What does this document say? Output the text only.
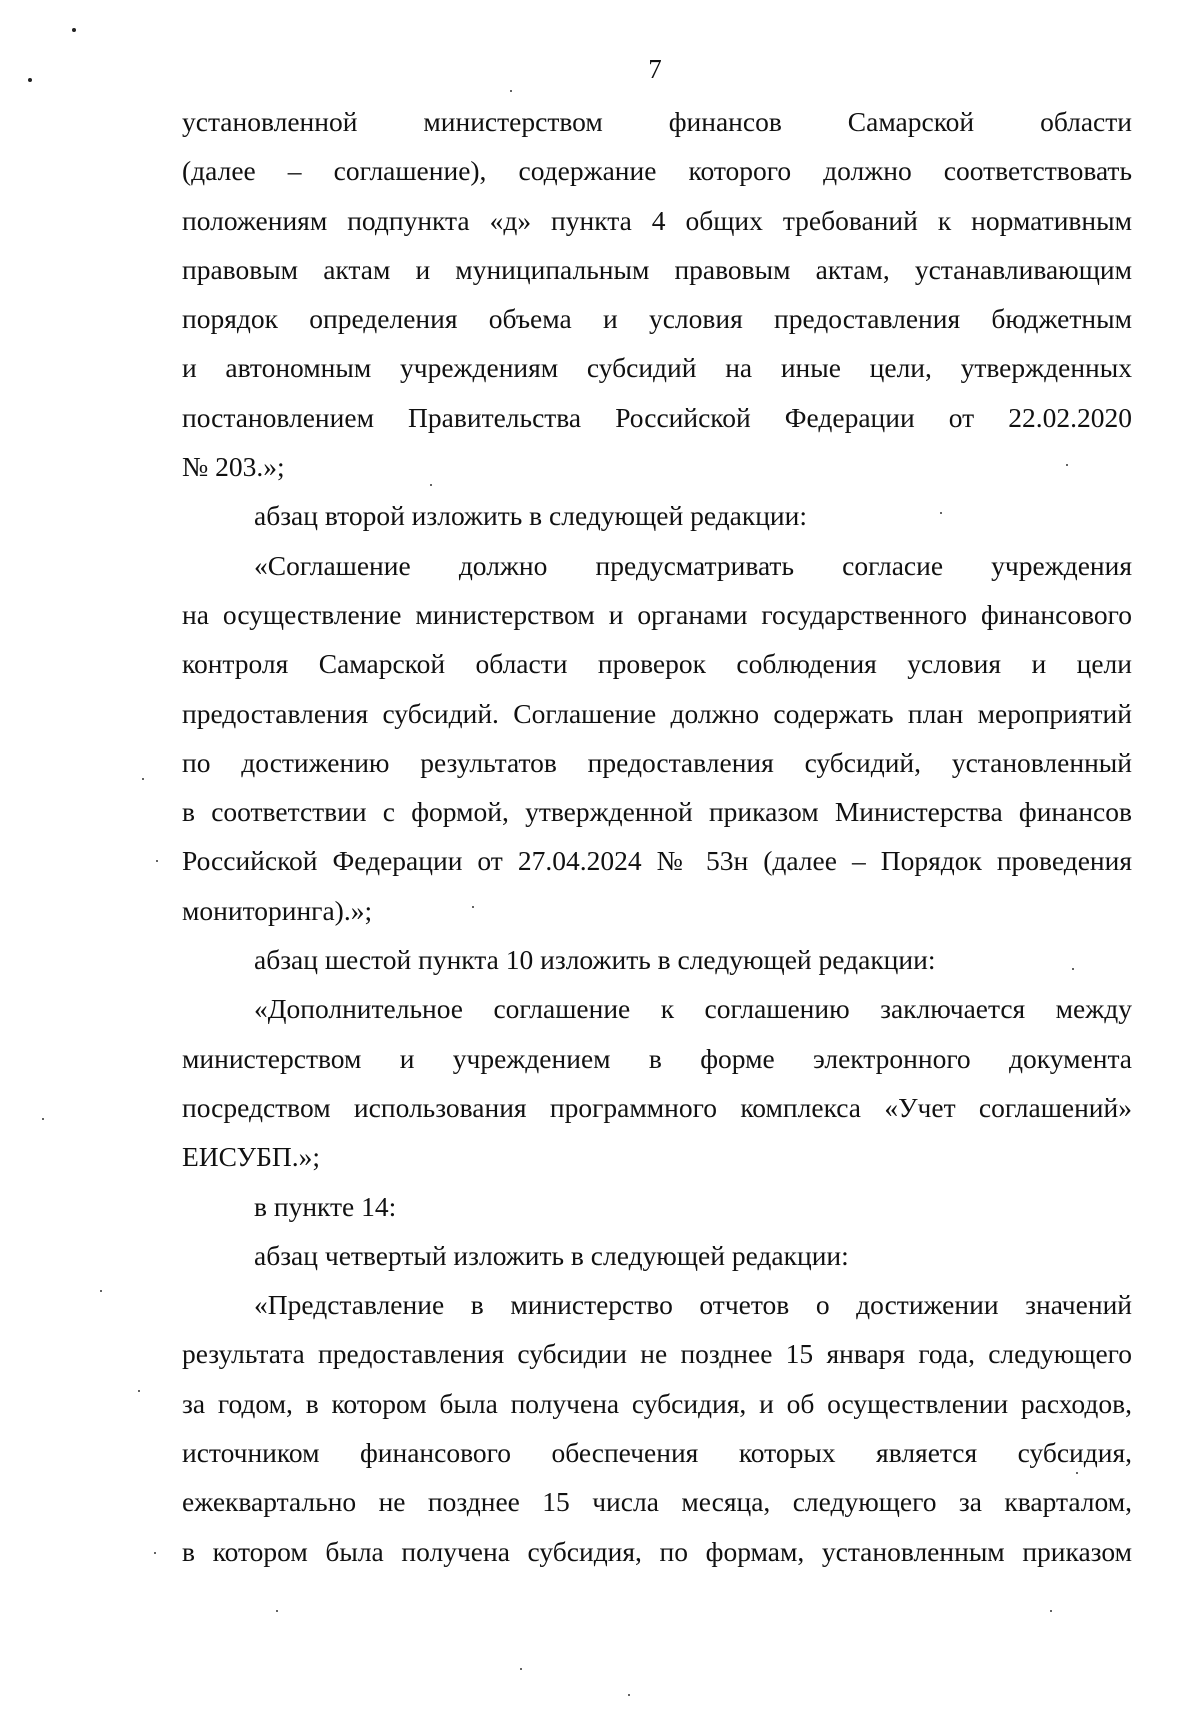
7
установленной министерством финансов Самарской области
(далее – соглашение), содержание которого должно соответствовать
положениям подпункта «д» пункта 4 общих требований к нормативным
правовым актам и муниципальным правовым актам, устанавливающим
порядок определения объема и условия предоставления бюджетным
и автономным учреждениям субсидий на иные цели, утвержденных
постановлением Правительства Российской Федерации от 22.02.2020
№ 203.»;
абзац второй изложить в следующей редакции:
«Соглашение должно предусматривать согласие учреждения
на осуществление министерством и органами государственного финансового
контроля Самарской области проверок соблюдения условия и цели
предоставления субсидий. Соглашение должно содержать план мероприятий
по достижению результатов предоставления субсидий, установленный
в соответствии с формой, утвержденной приказом Министерства финансов
Российской Федерации от 27.04.2024 № 53н (далее – Порядок проведения
мониторинга).»;
абзац шестой пункта 10 изложить в следующей редакции:
«Дополнительное соглашение к соглашению заключается между
министерством и учреждением в форме электронного документа
посредством использования программного комплекса «Учет соглашений»
ЕИСУБП.»;
в пункте 14:
абзац четвертый изложить в следующей редакции:
«Представление в министерство отчетов о достижении значений
результата предоставления субсидии не позднее 15 января года, следующего
за годом, в котором была получена субсидия, и об осуществлении расходов,
источником финансового обеспечения которых является субсидия,
ежеквартально не позднее 15 числа месяца, следующего за кварталом,
в котором была получена субсидия, по формам, установленным приказом
